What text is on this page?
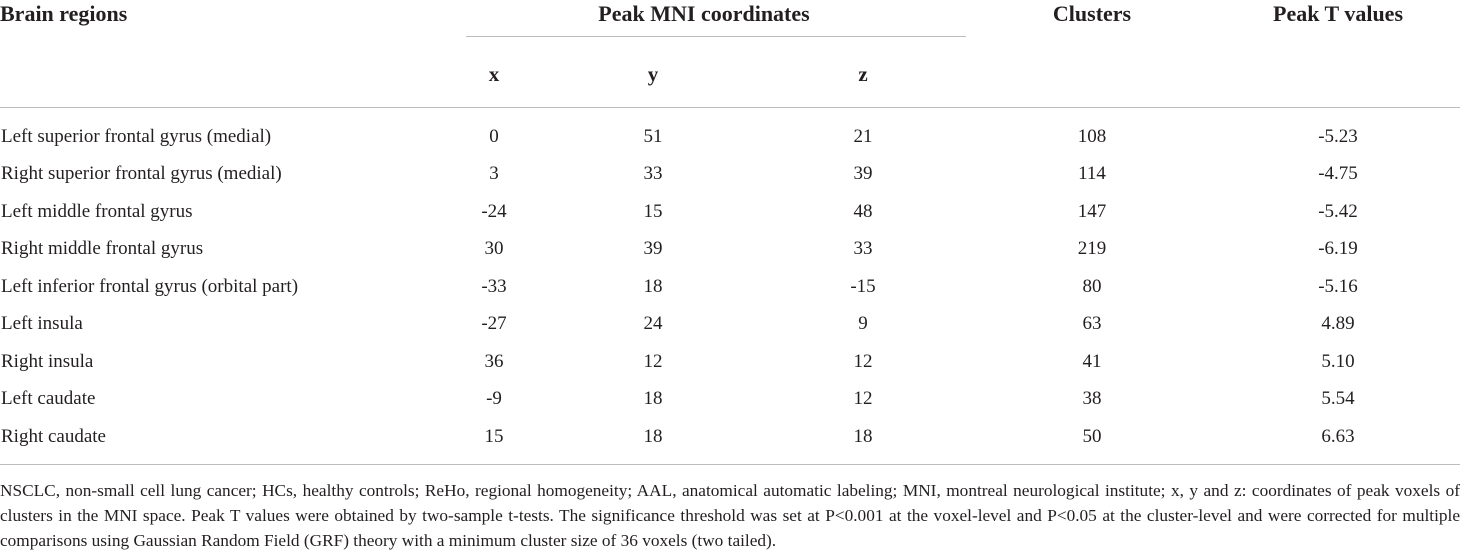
Brain regions	Peak MNI coordinates			Clusters	Peak T values
	x	y	z		

Left superior frontal gyrus (medial)	0	51	21	108	-5.23
Right superior frontal gyrus (medial)	3	33	39	114	-4.75
Left middle frontal gyrus	-24	15	48	147	-5.42
Right middle frontal gyrus	30	39	33	219	-6.19
Left inferior frontal gyrus (orbital part)	-33	18	-15	80	-5.16
Left insula	-27	24	9	63	4.89
Right insula	36	12	12	41	5.10
Left caudate	-9	18	12	38	5.54
Right caudate	15	18	18	50	6.63

NSCLC, non-small cell lung cancer; HCs, healthy controls; ReHo, regional homogeneity; AAL, anatomical automatic labeling; MNI, montreal neurological institute; x, y and z: coordinates of peak voxels of clusters in the MNI space. Peak T values were obtained by two-sample t-tests. The significance threshold was set at P<0.001 at the voxel-level and P<0.05 at the cluster-level and were corrected for multiple comparisons using Gaussian Random Field (GRF) theory with a minimum cluster size of 36 voxels (two tailed).
